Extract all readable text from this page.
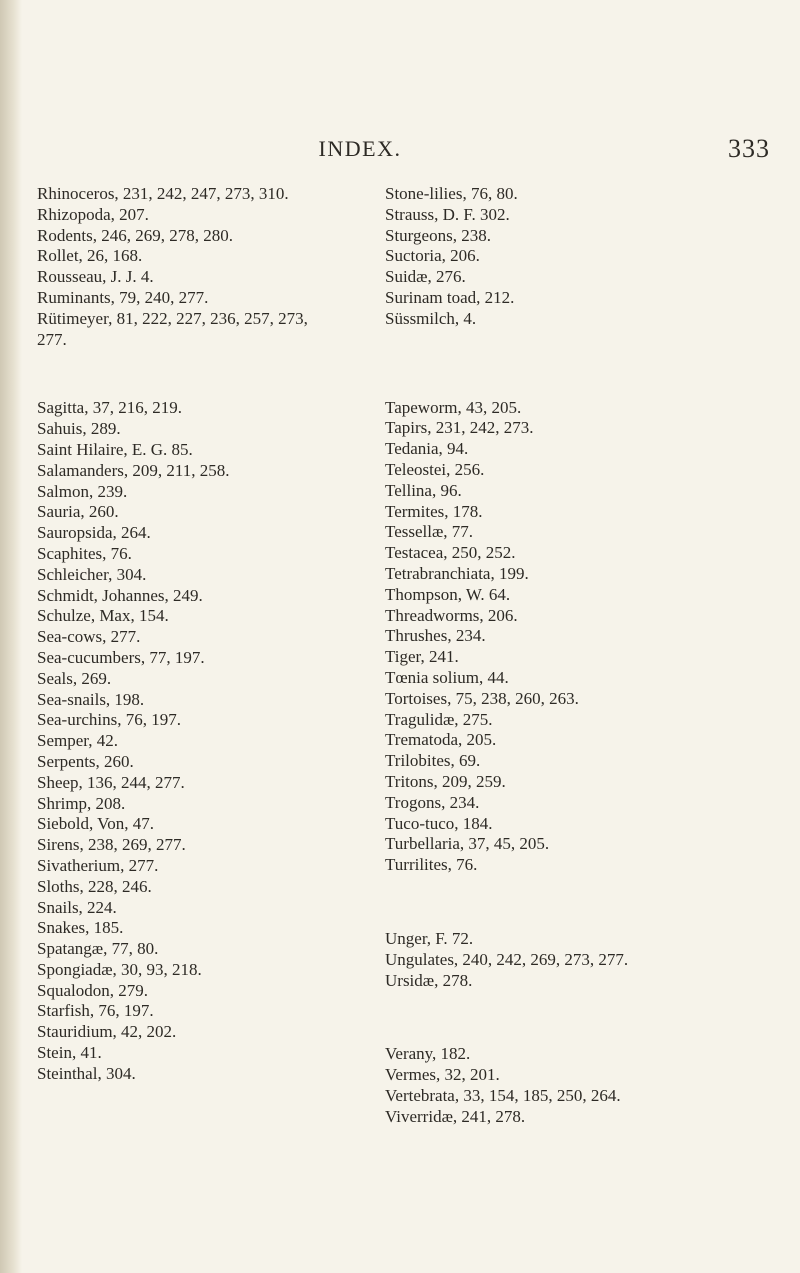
INDEX.	333
Rhinoceros, 231, 242, 247, 273, 310.
Rhizopoda, 207.
Rodents, 246, 269, 278, 280.
Rollet, 26, 168.
Rousseau, J. J. 4.
Ruminants, 79, 240, 277.
Rütimeyer, 81, 222, 227, 236, 257, 273,
277.
Sagitta, 37, 216, 219.
Sahuis, 289.
Saint Hilaire, E. G. 85.
Salamanders, 209, 211, 258.
Salmon, 239.
Sauria, 260.
Sauropsida, 264.
Scaphites, 76.
Schleicher, 304.
Schmidt, Johannes, 249.
Schulze, Max, 154.
Sea-cows, 277.
Sea-cucumbers, 77, 197.
Seals, 269.
Sea-snails, 198.
Sea-urchins, 76, 197.
Semper, 42.
Serpents, 260.
Sheep, 136, 244, 277.
Shrimp, 208.
Siebold, Von, 47.
Sirens, 238, 269, 277.
Sivatherium, 277.
Sloths, 228, 246.
Snails, 224.
Snakes, 185.
Spatangæ, 77, 80.
Spongiadæ, 30, 93, 218.
Squalodon, 279.
Starfish, 76, 197.
Stauridium, 42, 202.
Stein, 41.
Steinthal, 304.
Stone-lilies, 76, 80.
Strauss, D. F. 302.
Sturgeons, 238.
Suctoria, 206.
Suidæ, 276.
Surinam toad, 212.
Süssmilch, 4.
Tapeworm, 43, 205.
Tapirs, 231, 242, 273.
Tedania, 94.
Teleostei, 256.
Tellina, 96.
Termites, 178.
Tessellæ, 77.
Testacea, 250, 252.
Tetrabranchiata, 199.
Thompson, W. 64.
Threadworms, 206.
Thrushes, 234.
Tiger, 241.
Tœnia solium, 44.
Tortoises, 75, 238, 260, 263.
Tragulidæ, 275.
Trematoda, 205.
Trilobites, 69.
Tritons, 209, 259.
Trogons, 234.
Tuco-tuco, 184.
Turbellaria, 37, 45, 205.
Turrilites, 76.
Unger, F. 72.
Ungulates, 240, 242, 269, 273, 277.
Ursidæ, 278.
Verany, 182.
Vermes, 32, 201.
Vertebrata, 33, 154, 185, 250, 264.
Viverridæ, 241, 278.
